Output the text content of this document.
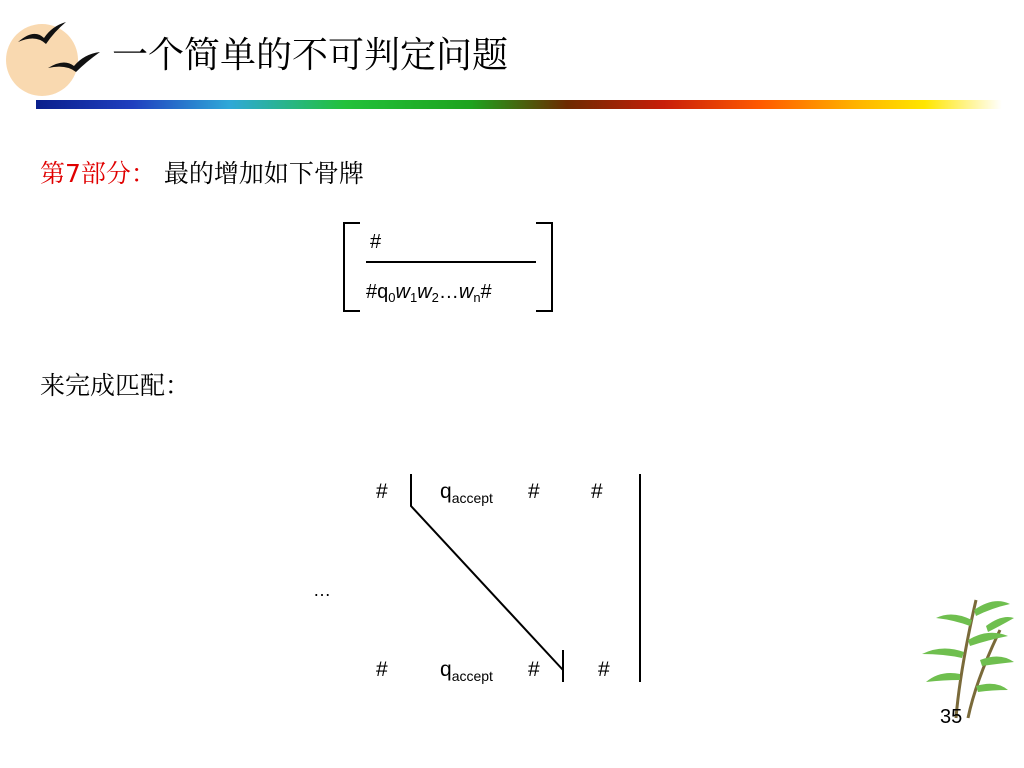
一个简单的不可判定问题
第7部分： 最的增加如下骨牌
#
$\#q_0w_1w_2\dots w_n\#$
来完成匹配：
# $q_{accept}$ # #
…
# $q_{accept}$ #	#
35
